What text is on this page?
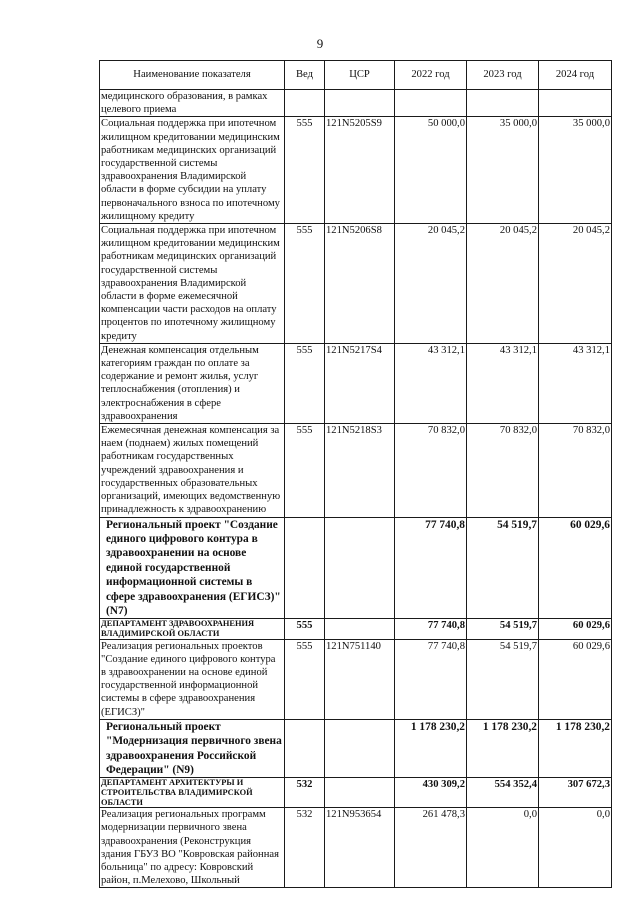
9
Наименование показателя	Вед	ЦСР	2022 год	2023 год	2024 год
медицинского образования, в рамках целевого приема					
Социальная поддержка при ипотечном жилищном кредитовании медицинским работникам медицинских организаций государственной системы здравоохранения Владимирской области в форме субсидии на уплату первоначального взноса по ипотечному жилищному кредиту	555	121N5205S9	50 000,0	35 000,0	35 000,0
Социальная поддержка при ипотечном жилищном кредитовании медицинским работникам медицинских организаций государственной системы здравоохранения Владимирской области в форме ежемесячной компенсации части расходов на оплату процентов по ипотечному жилищному кредиту	555	121N5206S8	20 045,2	20 045,2	20 045,2
Денежная компенсация отдельным категориям граждан по оплате за содержание и ремонт жилья, услуг теплоснабжения (отопления) и электроснабжения в сфере здравоохранения	555	121N5217S4	43 312,1	43 312,1	43 312,1
Ежемесячная денежная компенсация за наем (поднаем) жилых помещений работникам государственных учреждений здравоохранения и государственных образовательных организаций, имеющих ведомственную принадлежность к здравоохранению	555	121N5218S3	70 832,0	70 832,0	70 832,0
Региональный проект "Создание единого цифрового контура в здравоохранении на основе единой государственной информационной системы в сфере здравоохранения (ЕГИСЗ)" (N7)			77 740,8	54 519,7	60 029,6
ДЕПАРТАМЕНТ ЗДРАВООХРАНЕНИЯ ВЛАДИМИРСКОЙ ОБЛАСТИ	555		77 740,8	54 519,7	60 029,6
Реализация региональных проектов "Создание единого цифрового контура в здравоохранении на основе единой государственной информационной системы в сфере здравоохранения (ЕГИСЗ)"	555	121N751140	77 740,8	54 519,7	60 029,6
Региональный проект "Модернизация первичного звена здравоохранения Российской Федерации" (N9)			1 178 230,2	1 178 230,2	1 178 230,2
ДЕПАРТАМЕНТ АРХИТЕКТУРЫ И СТРОИТЕЛЬСТВА ВЛАДИМИРСКОЙ ОБЛАСТИ	532		430 309,2	554 352,4	307 672,3
Реализация региональных программ модернизации первичного звена здравоохранения (Реконструкция здания ГБУЗ ВО "Ковровская районная больница" по адресу: Ковровский район, п.Мелехово, Школьный	532	121N953654	261 478,3	0,0	0,0
